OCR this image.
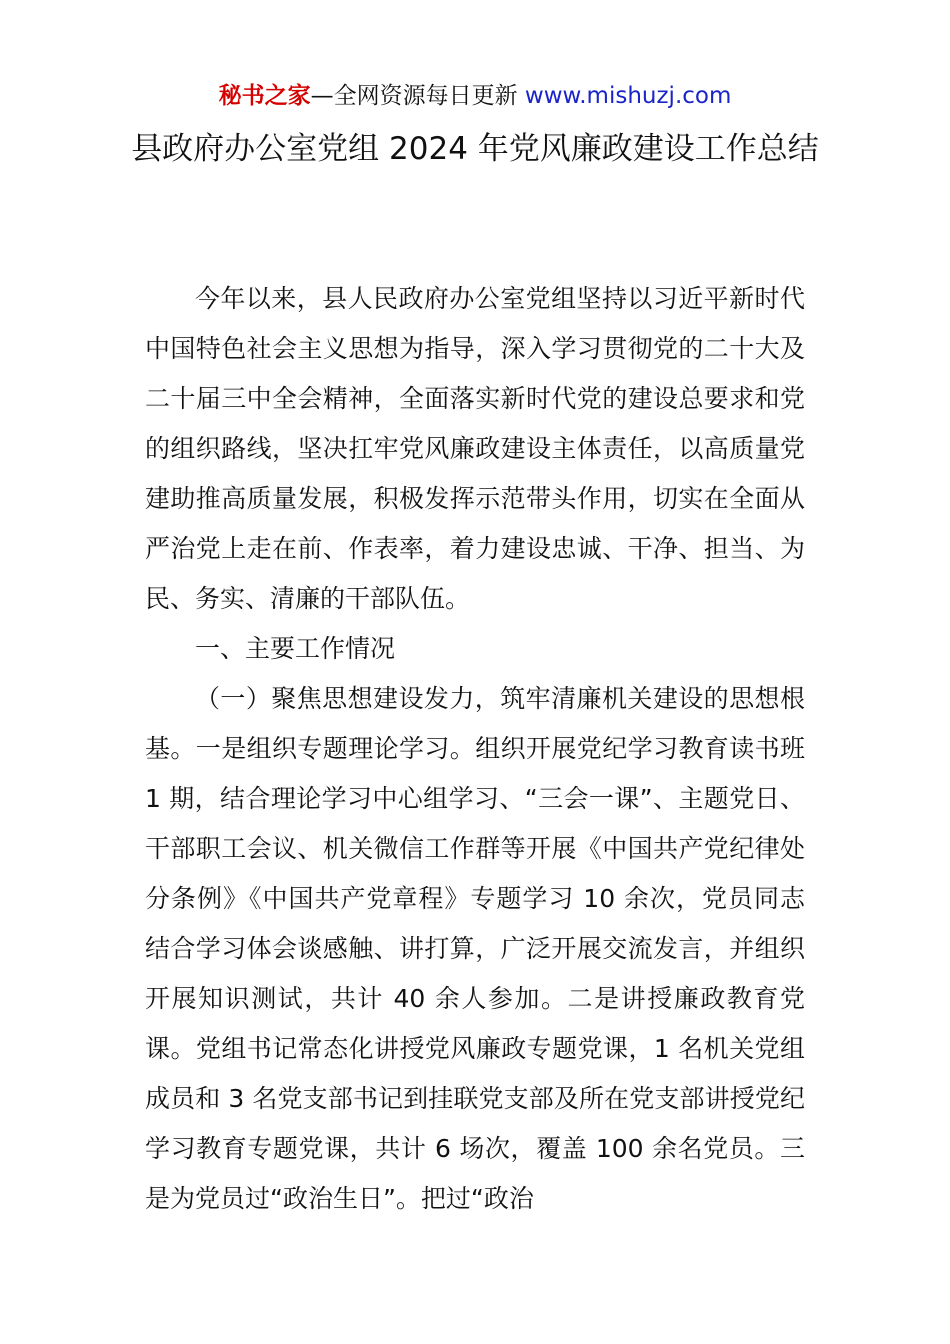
秘书之家—全网资源每日更新 www.mishuzj.com
县政府办公室党组 2024 年党风廉政建设工作总结

今年以来，县人民政府办公室党组坚持以习近平新时代中国特色社会主义思想为指导，深入学习贯彻党的二十大及二十届三中全会精神，全面落实新时代党的建设总要求和党的组织路线，坚决扛牢党风廉政建设主体责任，以高质量党建助推高质量发展，积极发挥示范带头作用，切实在全面从严治党上走在前、作表率，着力建设忠诚、干净、担当、为民、务实、清廉的干部队伍。

一、主要工作情况

（一）聚焦思想建设发力，筑牢清廉机关建设的思想根基。一是组织专题理论学习。组织开展党纪学习教育读书班 1 期，结合理论学习中心组学习、“三会一课”、主题党日、干部职工会议、机关微信工作群等开展《中国共产党纪律处分条例》《中国共产党章程》专题学习 10 余次，党员同志结合学习体会谈感触、讲打算，广泛开展交流发言，并组织开展知识测试，共计 40 余人参加。二是讲授廉政教育党课。党组书记常态化讲授党风廉政专题党课，1 名机关党组成员和 3 名党支部书记到挂联党支部及所在党支部讲授党纪学习教育专题党课，共计 6 场次，覆盖 100 余名党员。三是为党员过“政治生日”。把过“政治
